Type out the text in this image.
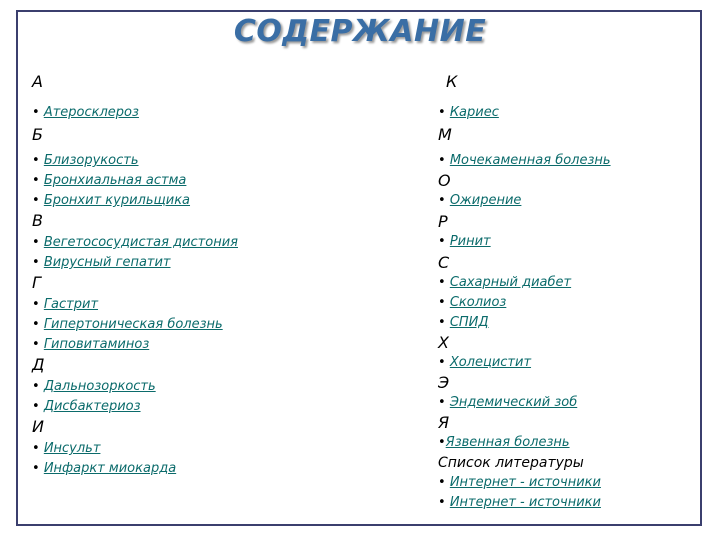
СОДЕРЖАНИЕ
А
• Атеросклероз
Б
• Близорукость
• Бронхиальная астма
• Бронхит курильщика
В
• Вегетососудистая дистония
• Вирусный гепатит
Г
• Гастрит
• Гипертоническая болезнь
• Гиповитаминоз
Д
• Дальнозоркость
• Дисбактериоз
И
• Инсульт
• Инфаркт миокарда
К
• Кариес
М
• Мочекаменная болезнь
О
• Ожирение
Р
• Ринит
С
• Сахарный диабет
• Сколиоз
• СПИД
Х
• Холецистит
Э
• Эндемический зоб
Я
•Язвенная болезнь
Список литературы
• Интернет - источники
• Интернет - источники
